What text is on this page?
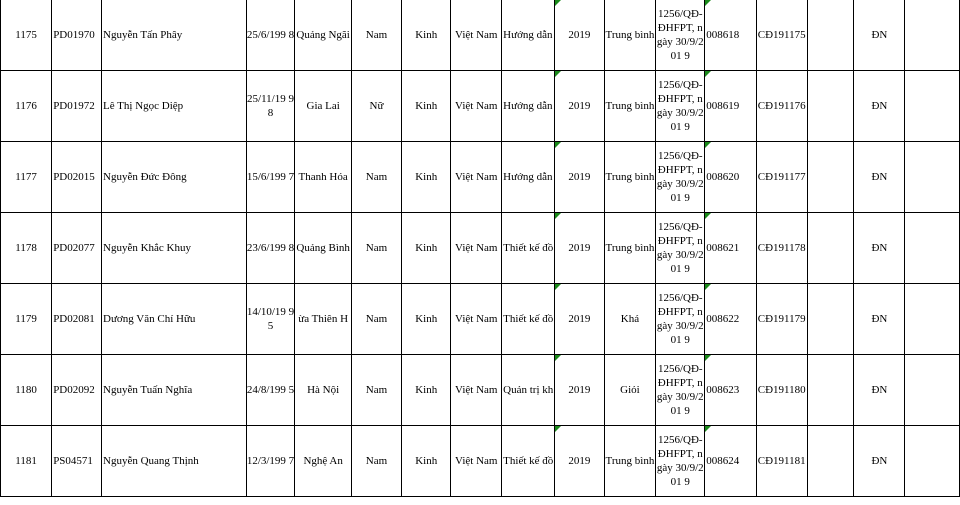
1175	PD01970	Nguyễn Tấn Phây	25/6/199 8	Quảng Ngãi	Nam	Kinh	Việt Nam	Hướng dẫn	2019	Trung bình	1256/QĐ-ĐHFPT, ngày 30/9/201 9	008618	CĐ191175		ĐN	
1176	PD01972	Lê Thị Ngọc Diệp	25/11/19 98	Gia Lai	Nữ	Kinh	Việt Nam	Hướng dẫn	2019	Trung bình	1256/QĐ-ĐHFPT, ngày 30/9/201 9	008619	CĐ191176		ĐN	
1177	PD02015	Nguyễn Đức Đông	15/6/199 7	Thanh Hóa	Nam	Kinh	Việt Nam	Hướng dẫn	2019	Trung bình	1256/QĐ-ĐHFPT, ngày 30/9/201 9	008620	CĐ191177		ĐN	
1178	PD02077	Nguyễn Khắc Khuy	23/6/199 8	Quảng Bình	Nam	Kinh	Việt Nam	Thiết kế đồ	2019	Trung bình	1256/QĐ-ĐHFPT, ngày 30/9/201 9	008621	CĐ191178		ĐN	
1179	PD02081	Dương Văn Chí Hữu	14/10/19 95	ừa Thiên H	Nam	Kinh	Việt Nam	Thiết kế đồ	2019	Khá	1256/QĐ-ĐHFPT, ngày 30/9/201 9	008622	CĐ191179		ĐN	
1180	PD02092	Nguyễn Tuấn Nghĩa	24/8/199 5	Hà Nội	Nam	Kinh	Việt Nam	Quản trị kh	2019	Giỏi	1256/QĐ-ĐHFPT, ngày 30/9/201 9	008623	CĐ191180		ĐN	
1181	PS04571	Nguyễn Quang Thịnh	12/3/199 7	Nghệ An	Nam	Kinh	Việt Nam	Thiết kế đồ	2019	Trung bình	1256/QĐ-ĐHFPT, ngày 30/9/201 9	008624	CĐ191181		ĐN	
